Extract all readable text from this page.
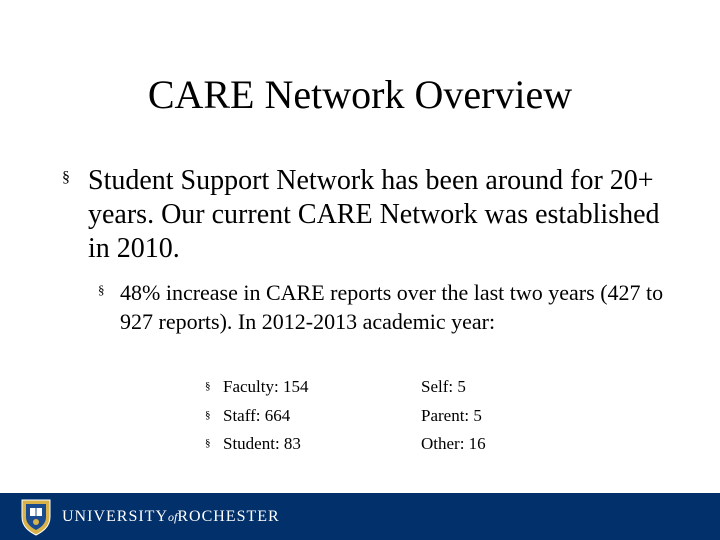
CARE Network Overview
§ Student Support Network has been around for 20+ years. Our current CARE Network was established in 2010.
§ 48% increase in CARE reports over the last two years (427 to 927 reports). In 2012-2013 academic year:
§ Faculty: 154
§ Staff: 664
§ Student: 83
Self: 5
Parent: 5
Other: 16
UNIVERSITYofROCHESTER
